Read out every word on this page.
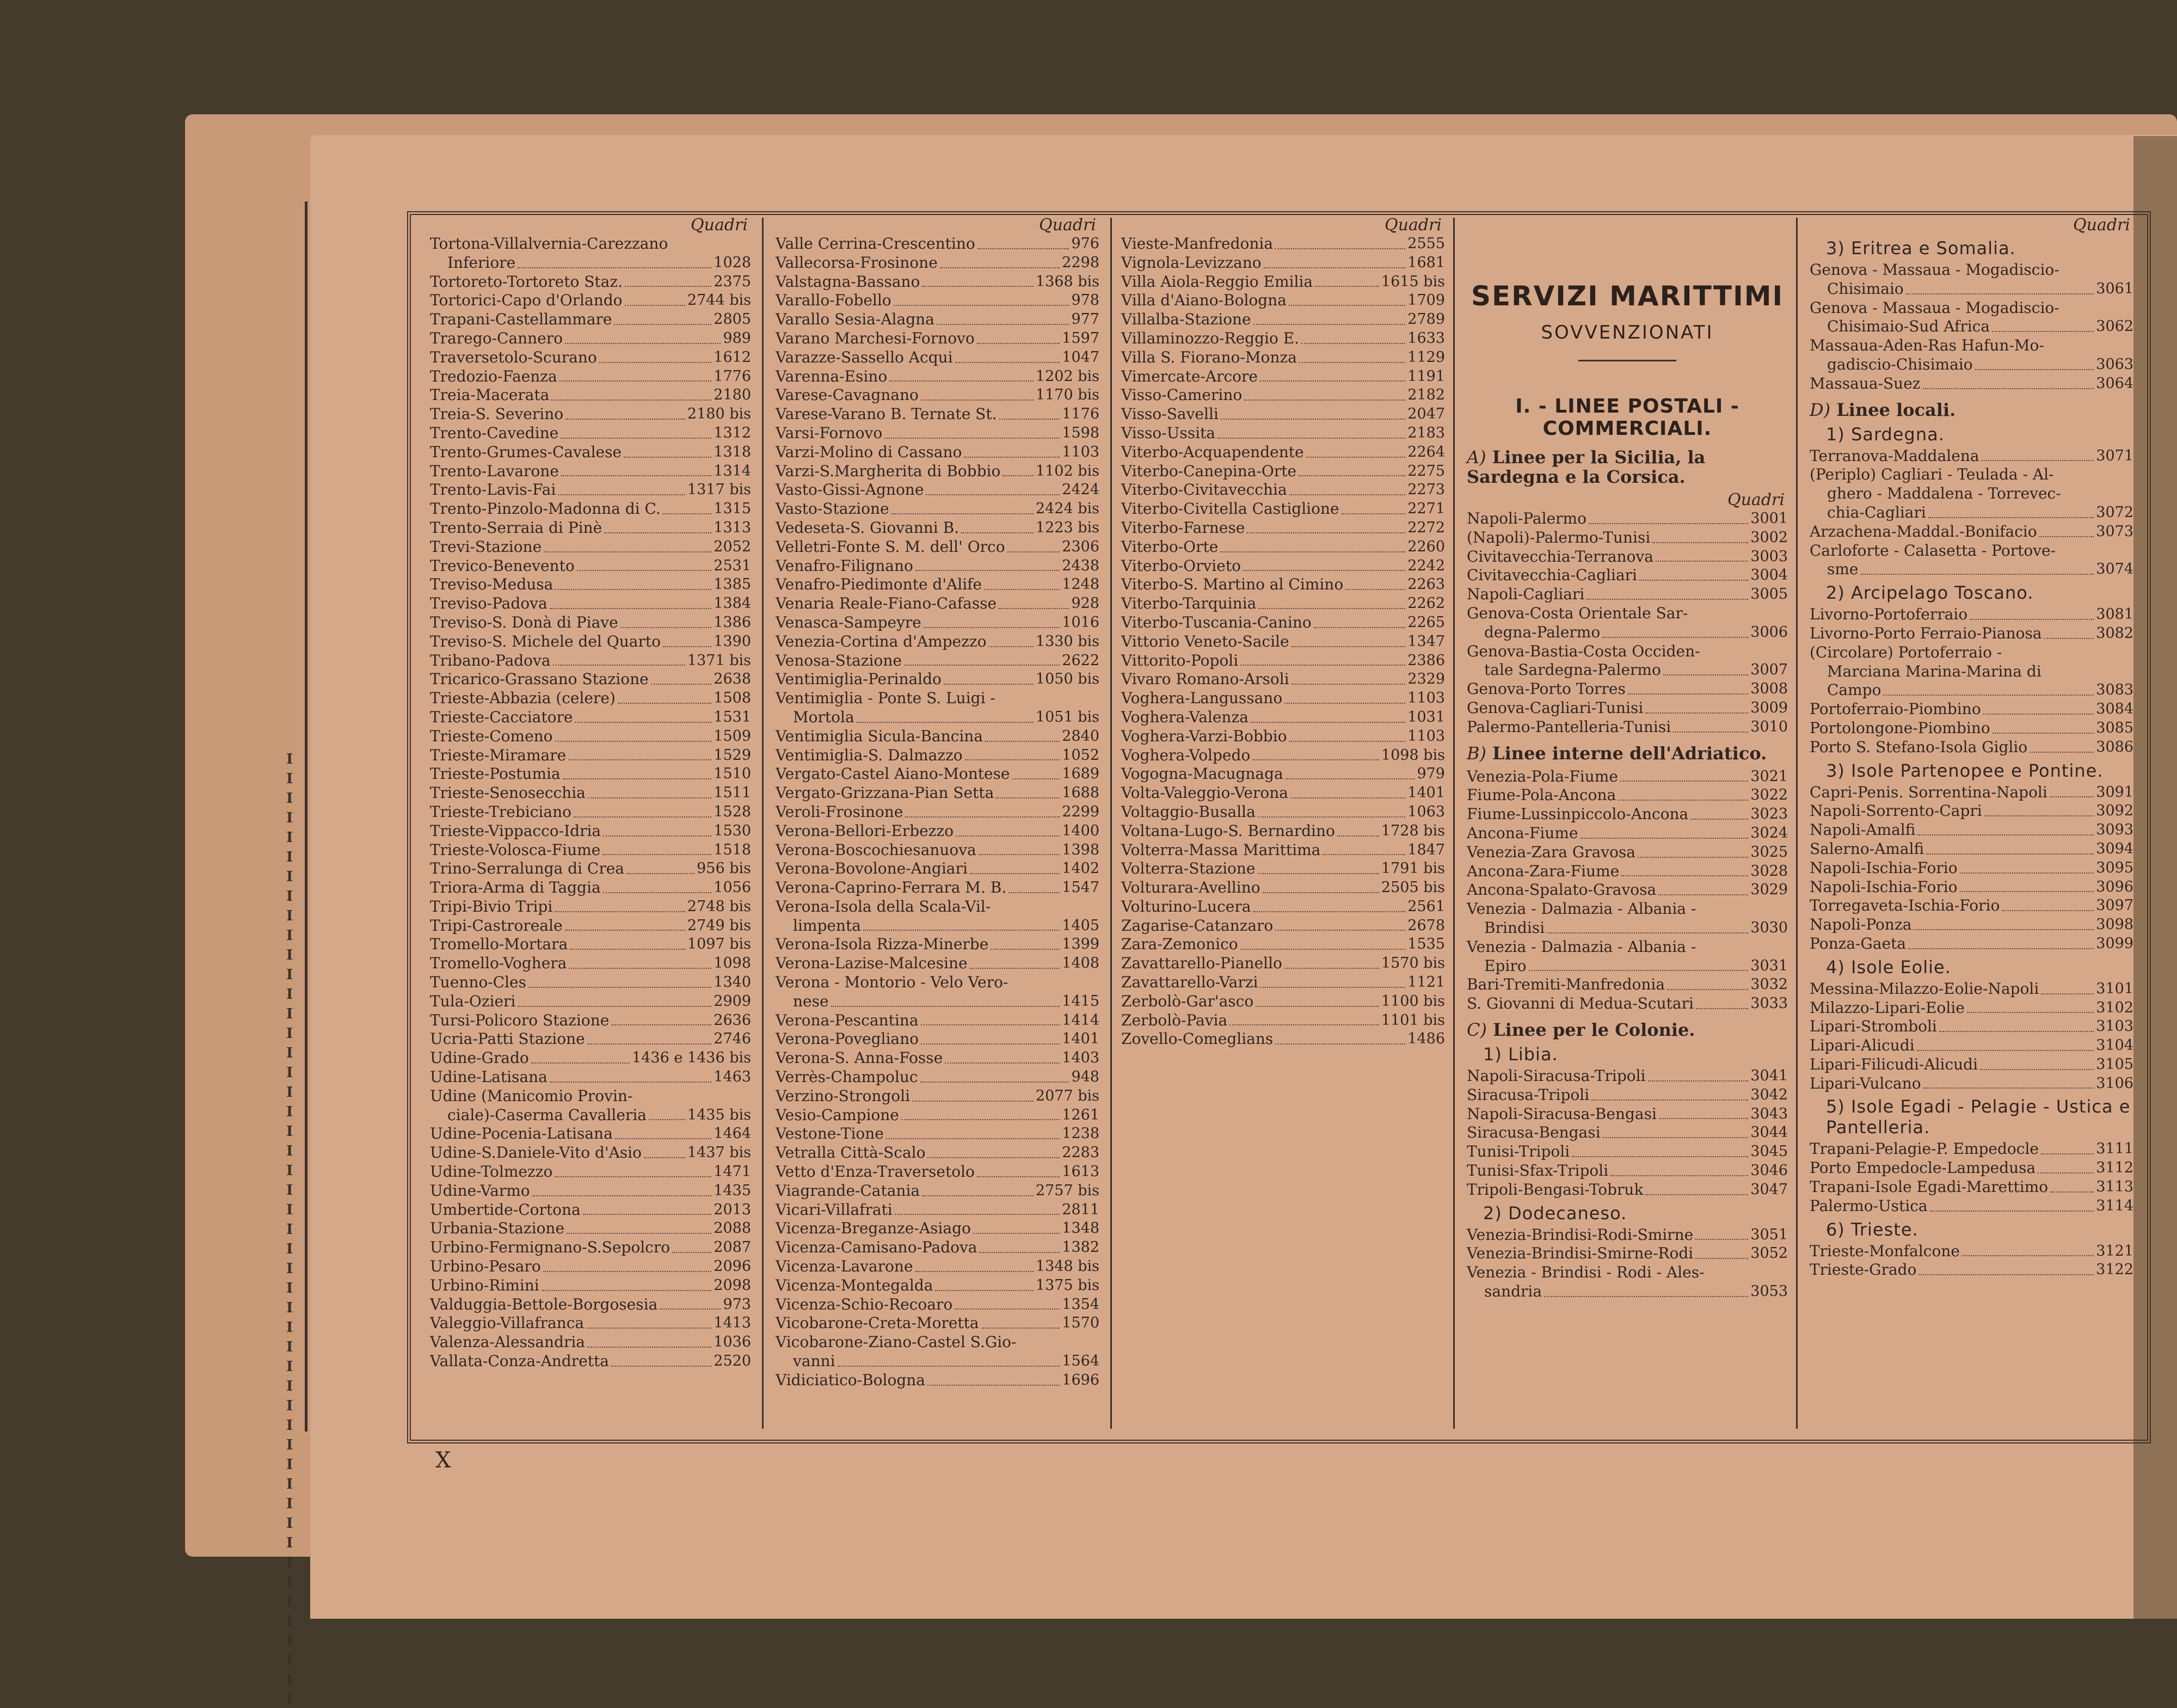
I
I
I
I
I
I
I
I
I
I
I
I
I
I
I
I
I
I
I
I
I
I
I
I
I
I
I
I
I
I
I
I
I
I
I
I
I
I
I
I
I
I
I
I
I
I
I
I
I
Quadri
Tortona-Villalvernia-Carezzano
Inferiore	1028
Tortoreto-Tortoreto Staz.	2375
Tortorici-Capo d'Orlando	2744 bis
Trapani-Castellammare	2805
Trarego-Cannero	989
Traversetolo-Scurano	1612
Tredozio-Faenza	1776
Treia-Macerata	2180
Treia-S. Severino	2180 bis
Trento-Cavedine	1312
Trento-Grumes-Cavalese	1318
Trento-Lavarone	1314
Trento-Lavis-Fai	1317 bis
Trento-Pinzolo-Madonna di C.	1315
Trento-Serraia di Pinè	1313
Trevi-Stazione	2052
Trevico-Benevento	2531
Treviso-Medusa	1385
Treviso-Padova	1384
Treviso-S. Donà di Piave	1386
Treviso-S. Michele del Quarto	1390
Tribano-Padova	1371 bis
Tricarico-Grassano Stazione	2638
Trieste-Abbazia (celere)	1508
Trieste-Cacciatore	1531
Trieste-Comeno	1509
Trieste-Miramare	1529
Trieste-Postumia	1510
Trieste-Senosecchia	1511
Trieste-Trebiciano	1528
Trieste-Vippacco-Idria	1530
Trieste-Volosca-Fiume	1518
Trino-Serralunga di Crea	956 bis
Triora-Arma di Taggia	1056
Tripi-Bivio Tripi	2748 bis
Tripi-Castroreale	2749 bis
Tromello-Mortara	1097 bis
Tromello-Voghera	1098
Tuenno-Cles	1340
Tula-Ozieri	2909
Tursi-Policoro Stazione	2636
Ucria-Patti Stazione	2746
Udine-Grado	1436 e 1436 bis
Udine-Latisana	1463
Udine (Manicomio Provin-
ciale)-Caserma Cavalleria	1435 bis
Udine-Pocenia-Latisana	1464
Udine-S.Daniele-Vito d'Asio	1437 bis
Udine-Tolmezzo	1471
Udine-Varmo	1435
Umbertide-Cortona	2013
Urbania-Stazione	2088
Urbino-Fermignano-S.Sepolcro	2087
Urbino-Pesaro	2096
Urbino-Rimini	2098
Valduggia-Bettole-Borgosesia	973
Valeggio-Villafranca	1413
Valenza-Alessandria	1036
Vallata-Conza-Andretta	2520
Quadri
Valle Cerrina-Crescentino	976
Vallecorsa-Frosinone	2298
Valstagna-Bassano	1368 bis
Varallo-Fobello	978
Varallo Sesia-Alagna	977
Varano Marchesi-Fornovo	1597
Varazze-Sassello Acqui	1047
Varenna-Esino	1202 bis
Varese-Cavagnano	1170 bis
Varese-Varano B. Ternate St.	1176
Varsi-Fornovo	1598
Varzi-Molino di Cassano	1103
Varzi-S.Margherita di Bobbio 1102 bis
Vasto-Gissi-Agnone	2424
Vasto-Stazione	2424 bis
Vedeseta-S. Giovanni B.	1223 bis
Velletri-Fonte S. M. dell' Orco	2306
Venafro-Filignano	2438
Venafro-Piedimonte d'Alife	1248
Venaria Reale-Fiano-Cafasse	928
Venasca-Sampeyre	1016
Venezia-Cortina d'Ampezzo	1330 bis
Venosa-Stazione	2622
Ventimiglia-Perinaldo	1050 bis
Ventimiglia - Ponte S. Luigi -
Mortola	1051 bis
Ventimiglia Sicula-Bancina	2840
Ventimiglia-S. Dalmazzo	1052
Vergato-Castel Aiano-Montese	1689
Vergato-Grizzana-Pian Setta	1688
Veroli-Frosinone	2299
Verona-Bellori-Erbezzo	1400
Verona-Boscochiesanuova	1398
Verona-Bovolone-Angiari	1402
Verona-Caprino-Ferrara M. B.	1547
Verona-Isola della Scala-Vil-
limpenta	1405
Verona-Isola Rizza-Minerbe	1399
Verona-Lazise-Malcesine	1408
Verona - Montorio - Velo Vero-
nese	1415
Verona-Pescantina	1414
Verona-Povegliano	1401
Verona-S. Anna-Fosse	1403
Verrès-Champoluc	948
Verzino-Strongoli	2077 bis
Vesio-Campione	1261
Vestone-Tione	1238
Vetralla Città-Scalo	2283
Vetto d'Enza-Traversetolo	1613
Viagrande-Catania	2757 bis
Vicari-Villafrati	2811
Vicenza-Breganze-Asiago	1348
Vicenza-Camisano-Padova	1382
Vicenza-Lavarone	1348 bis
Vicenza-Montegalda	1375 bis
Vicenza-Schio-Recoaro	1354
Vicobarone-Creta-Moretta	1570
Vicobarone-Ziano-Castel S.Gio-
vanni	1564
Vidiciatico-Bologna	1696
Quadri
Vieste-Manfredonia	2555
Vignola-Levizzano	1681
Villa Aiola-Reggio Emilia	1615 bis
Villa d'Aiano-Bologna	1709
Villalba-Stazione	2789
Villaminozzo-Reggio E.	1633
Villa S. Fiorano-Monza	1129
Vimercate-Arcore	1191
Visso-Camerino	2182
Visso-Savelli	2047
Visso-Ussita	2183
Viterbo-Acquapendente	2264
Viterbo-Canepina-Orte	2275
Viterbo-Civitavecchia	2273
Viterbo-Civitella Castiglione	2271
Viterbo-Farnese	2272
Viterbo-Orte	2260
Viterbo-Orvieto	2242
Viterbo-S. Martino al Cimino	2263
Viterbo-Tarquinia	2262
Viterbo-Tuscania-Canino	2265
Vittorio Veneto-Sacile	1347
Vittorito-Popoli	2386
Vivaro Romano-Arsoli	2329
Voghera-Langussano	1103
Voghera-Valenza	1031
Voghera-Varzi-Bobbio	1103
Voghera-Volpedo	1098 bis
Vogogna-Macugnaga	979
Volta-Valeggio-Verona	1401
Voltaggio-Busalla	1063
Voltana-Lugo-S. Bernardino	1728 bis
Volterra-Massa Marittima	1847
Volterra-Stazione	1791 bis
Volturara-Avellino	2505 bis
Volturino-Lucera	2561
Zagarise-Catanzaro	2678
Zara-Zemonico	1535
Zavattarello-Pianello	1570 bis
Zavattarello-Varzi	1121
Zerbolò-Gar'asco	1100 bis
Zerbolò-Pavia	1101 bis
Zovello-Comeglians	1486
SERVIZI MARITTIMI
SOVVENZIONATI
I. - LINEE POSTALI - COMMERCIALI.
A) Linee per la Sicilia, la Sardegna e la Corsica.
Quadri
Napoli-Palermo	3001
(Napoli)-Palermo-Tunisi	3002
Civitavecchia-Terranova	3003
Civitavecchia-Cagliari	3004
Napoli-Cagliari	3005
Genova-Costa Orientale Sar-
degna-Palermo	3006
Genova-Bastia-Costa Occiden-
tale Sardegna-Palermo	3007
Genova-Porto Torres	3008
Genova-Cagliari-Tunisi	3009
Palermo-Pantelleria-Tunisi	3010
B) Linee interne dell'Adriatico.
Venezia-Pola-Fiume	3021
Fiume-Pola-Ancona	3022
Fiume-Lussinpiccolo-Ancona	3023
Ancona-Fiume	3024
Venezia-Zara Gravosa	3025
Ancona-Zara-Fiume	3028
Ancona-Spalato-Gravosa	3029
Venezia - Dalmazia - Albania -
Brindisi	3030
Venezia - Dalmazia - Albania -
Epiro	3031
Bari-Tremiti-Manfredonia	3032
S. Giovanni di Medua-Scutari	3033
C) Linee per le Colonie.
1) Libia.
Napoli-Siracusa-Tripoli	3041
Siracusa-Tripoli	3042
Napoli-Siracusa-Bengasi	3043
Siracusa-Bengasi	3044
Tunisi-Tripoli	3045
Tunisi-Sfax-Tripoli	3046
Tripoli-Bengasi-Tobruk	3047
2) Dodecaneso.
Venezia-Brindisi-Rodi-Smirne	3051
Venezia-Brindisi-Smirne-Rodi	3052
Venezia - Brindisi - Rodi - Ales-
sandria	3053
Quadri
3) Eritrea e Somalia.
Genova - Massaua - Mogadiscio-
Chisimaio	3061
Genova - Massaua - Mogadiscio-
Chisimaio-Sud Africa	3062
Massaua-Aden-Ras Hafun-Mo-
gadiscio-Chisimaio	3063
Massaua-Suez	3064
D) Linee locali.
1) Sardegna.
Terranova-Maddalena	3071
(Periplo) Cagliari - Teulada - Al-
ghero - Maddalena - Torrevec-
chia-Cagliari	3072
Arzachena-Maddal.-Bonifacio	3073
Carloforte - Calasetta - Portove-
sme	3074
2) Arcipelago Toscano.
Livorno-Portoferraio	3081
Livorno-Porto Ferraio-Pianosa	3082
(Circolare) Portoferraio -
Marciana Marina-Marina di
Campo	3083
Portoferraio-Piombino	3084
Portolongone-Piombino	3085
Porto S. Stefano-Isola Giglio	3086
3) Isole Partenopee e Pontine.
Capri-Penis. Sorrentina-Napoli	3091
Napoli-Sorrento-Capri	3092
Napoli-Amalfi	3093
Salerno-Amalfi	3094
Napoli-Ischia-Forio	3095
Napoli-Ischia-Forio	3096
Torregaveta-Ischia-Forio	3097
Napoli-Ponza	3098
Ponza-Gaeta	3099
4) Isole Eolie.
Messina-Milazzo-Eolie-Napoli	3101
Milazzo-Lipari-Eolie	3102
Lipari-Stromboli	3103
Lipari-Alicudi	3104
Lipari-Filicudi-Alicudi	3105
Lipari-Vulcano	3106
5) Isole Egadi - Pelagie - Ustica e Pantelleria.
Trapani-Pelagie-P. Empedocle	3111
Porto Empedocle-Lampedusa	3112
Trapani-Isole Egadi-Marettimo	3113
Palermo-Ustica	3114
6) Trieste.
Trieste-Monfalcone	3121
Trieste-Grado	3122
X
